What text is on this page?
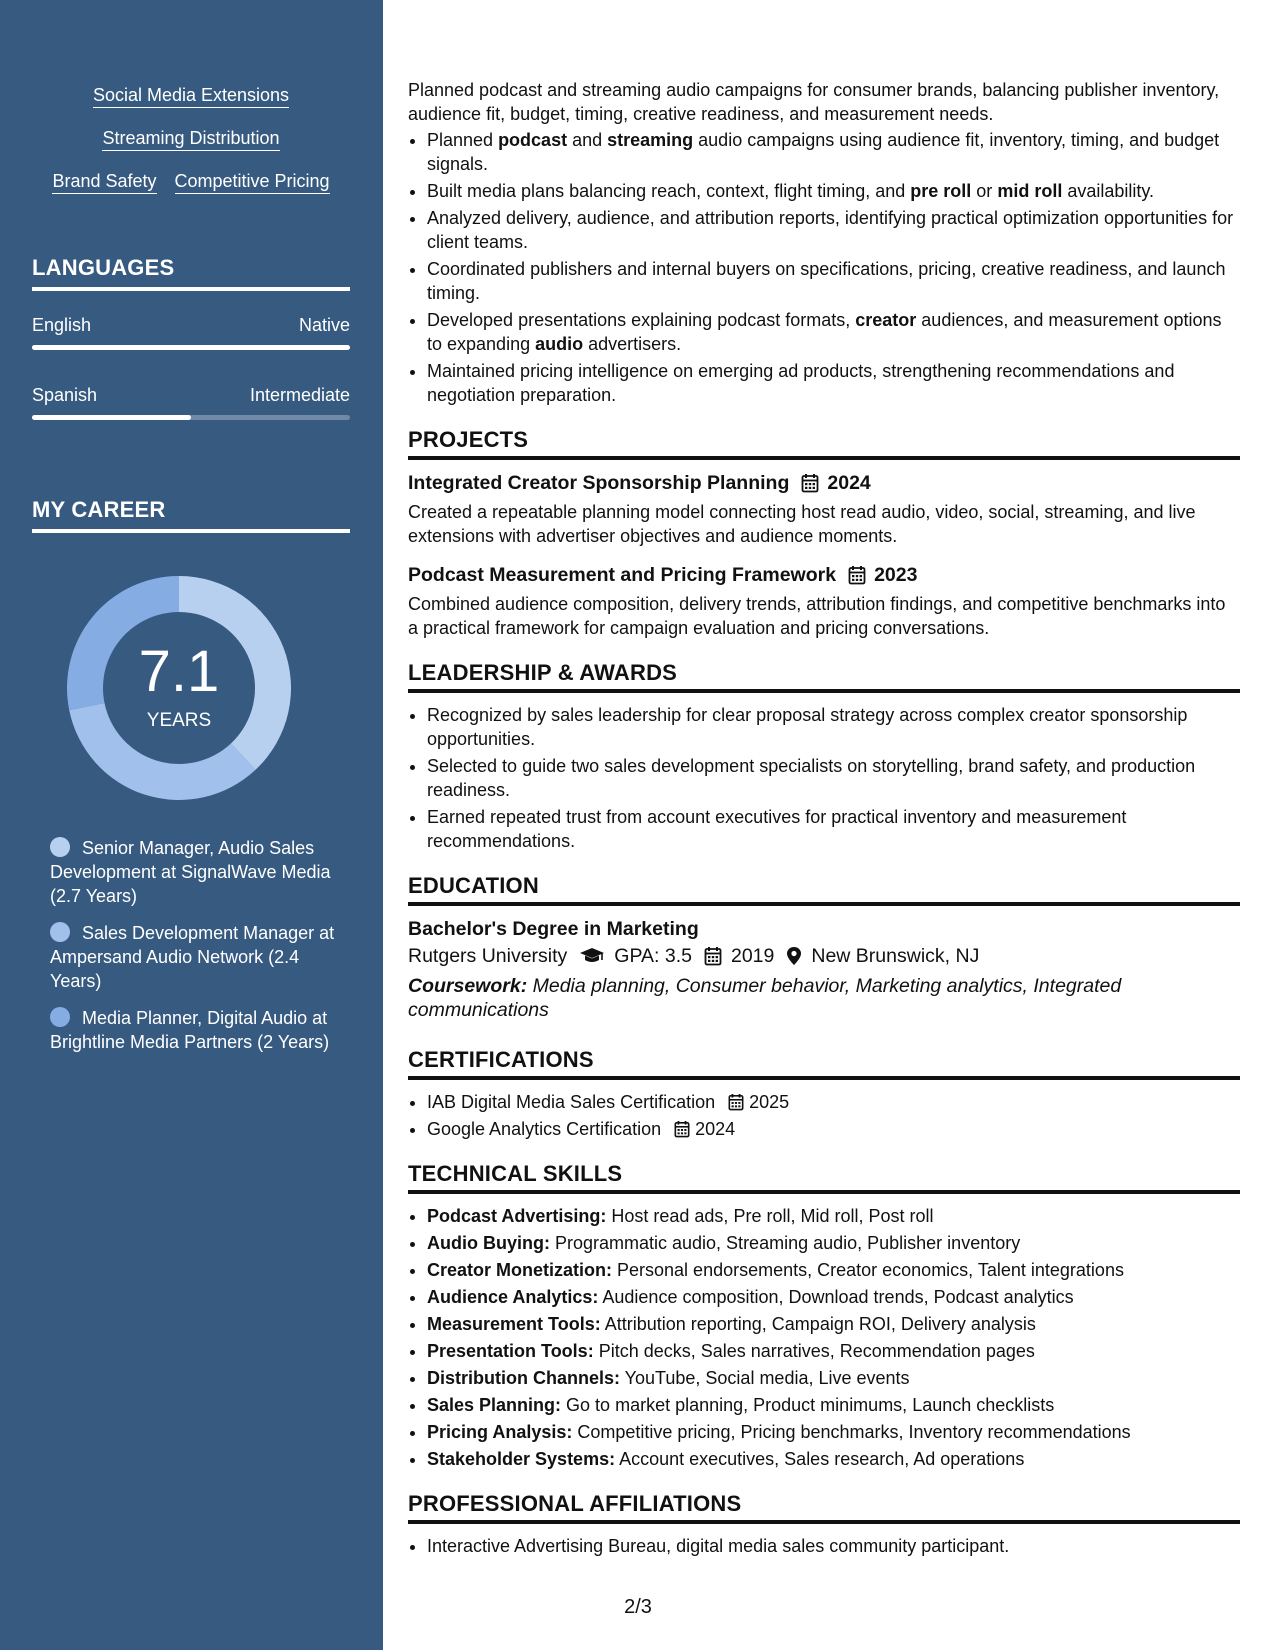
Social Media Extensions
Streaming Distribution
Brand Safety Competitive Pricing
LANGUAGES
English	Native
Spanish	Intermediate
MY CAREER
7.1
YEARS
Senior Manager, Audio Sales Development at SignalWave Media (2.7 Years)
Sales Development Manager at Ampersand Audio Network (2.4 Years)
Media Planner, Digital Audio at Brightline Media Partners (2 Years)

Planned podcast and streaming audio campaigns for consumer brands, balancing publisher inventory, audience fit, budget, timing, creative readiness, and measurement needs.

• Planned podcast and streaming audio campaigns using audience fit, inventory, timing, and budget signals.
• Built media plans balancing reach, context, flight timing, and pre roll or mid roll availability.
• Analyzed delivery, audience, and attribution reports, identifying practical optimization opportunities for client teams.
• Coordinated publishers and internal buyers on specifications, pricing, creative readiness, and launch timing.
• Developed presentations explaining podcast formats, creator audiences, and measurement options to expanding audio advertisers.
• Maintained pricing intelligence on emerging ad products, strengthening recommendations and negotiation preparation.
PROJECTS
Integrated Creator Sponsorship Planning 2024
Created a repeatable planning model connecting host read audio, video, social, streaming, and live extensions with advertiser objectives and audience moments.
Podcast Measurement and Pricing Framework 2023
Combined audience composition, delivery trends, attribution findings, and competitive benchmarks into a practical framework for campaign evaluation and pricing conversations.
LEADERSHIP & AWARDS
• Recognized by sales leadership for clear proposal strategy across complex creator sponsorship opportunities.
• Selected to guide two sales development specialists on storytelling, brand safety, and production readiness.
• Earned repeated trust from account executives for practical inventory and measurement recommendations.
EDUCATION
Bachelor's Degree in Marketing
Rutgers University GPA: 3.5 2019 New Brunswick, NJ
Coursework: Media planning, Consumer behavior, Marketing analytics, Integrated communications
CERTIFICATIONS
• IAB Digital Media Sales Certification 2025
• Google Analytics Certification 2024
TECHNICAL SKILLS
• Podcast Advertising: Host read ads, Pre roll, Mid roll, Post roll
• Audio Buying: Programmatic audio, Streaming audio, Publisher inventory
• Creator Monetization: Personal endorsements, Creator economics, Talent integrations
• Audience Analytics: Audience composition, Download trends, Podcast analytics
• Measurement Tools: Attribution reporting, Campaign ROI, Delivery analysis
• Presentation Tools: Pitch decks, Sales narratives, Recommendation pages
• Distribution Channels: YouTube, Social media, Live events
• Sales Planning: Go to market planning, Product minimums, Launch checklists
• Pricing Analysis: Competitive pricing, Pricing benchmarks, Inventory recommendations
• Stakeholder Systems: Account executives, Sales research, Ad operations
PROFESSIONAL AFFILIATIONS
• Interactive Advertising Bureau, digital media sales community participant.
2/3
